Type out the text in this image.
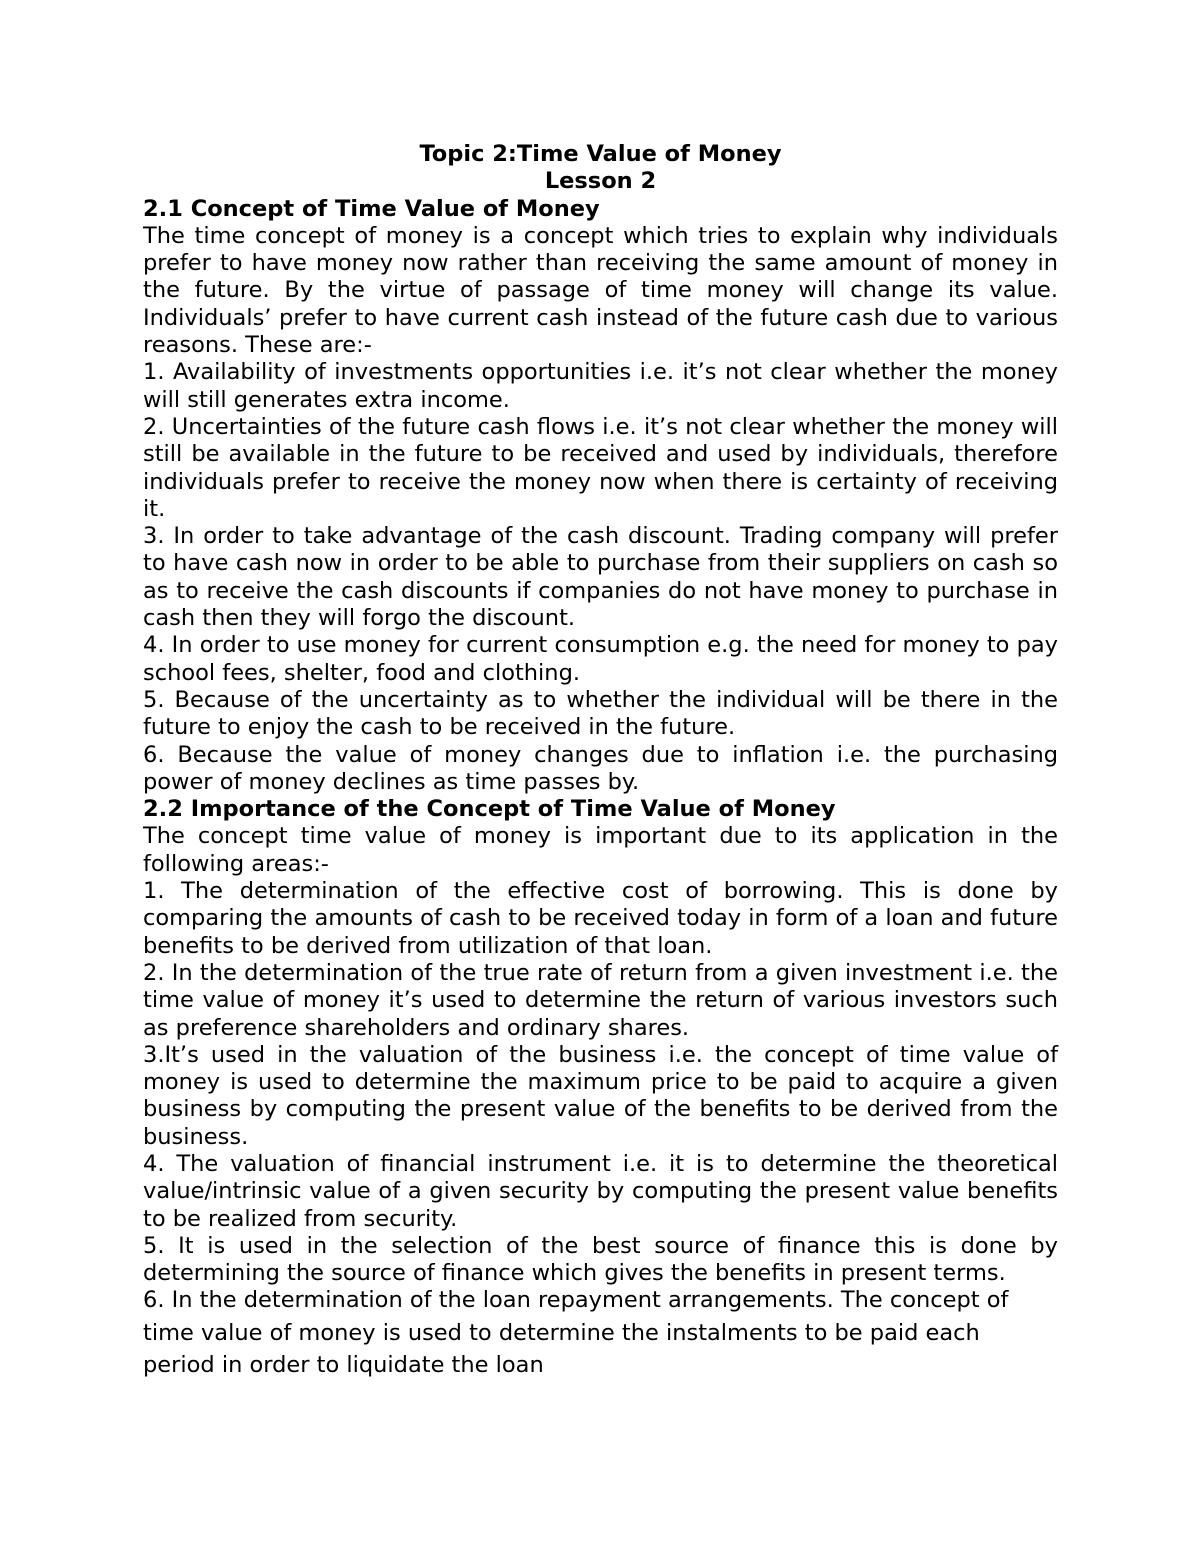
Topic 2:Time Value of Money
Lesson 2
2.1 Concept of Time Value of Money

The time concept of money is a concept which tries to explain why individuals prefer to have money now rather than receiving the same amount of money in the future. By the virtue of passage of time money will change its value. Individuals’ prefer to have current cash instead of the future cash due to various reasons. These are:-

1. Availability of investments opportunities i.e. it’s not clear whether the money will still generates extra income.

2. Uncertainties of the future cash flows i.e. it’s not clear whether the money will still be available in the future to be received and used by individuals, therefore individuals prefer to receive the money now when there is certainty of receiving it.

3. In order to take advantage of the cash discount. Trading company will prefer to have cash now in order to be able to purchase from their suppliers on cash so as to receive the cash discounts if companies do not have money to purchase in cash then they will forgo the discount.

4. In order to use money for current consumption e.g. the need for money to pay school fees, shelter, food and clothing.

5. Because of the uncertainty as to whether the individual will be there in the future to enjoy the cash to be received in the future.

6. Because the value of money changes due to inflation i.e. the purchasing power of money declines as time passes by.

2.2 Importance of the Concept of Time Value of Money

The concept time value of money is important due to its application in the following areas:-

1. The determination of the effective cost of borrowing. This is done by comparing the amounts of cash to be received today in form of a loan and future benefits to be derived from utilization of that loan.

2. In the determination of the true rate of return from a given investment i.e. the time value of money it’s used to determine the return of various investors such as preference shareholders and ordinary shares.

3.It’s used in the valuation of the business i.e. the concept of time value of money is used to determine the maximum price to be paid to acquire a given business by computing the present value of the benefits to be derived from the business.

4. The valuation of financial instrument i.e. it is to determine the theoretical value/intrinsic value of a given security by computing the present value benefits to be realized from security.

5. It is used in the selection of the best source of finance this is done by determining the source of finance which gives the benefits in present terms.

6. In the determination of the loan repayment arrangements. The concept of

time value of money is used to determine the instalments to be paid each period in order to liquidate the loan
